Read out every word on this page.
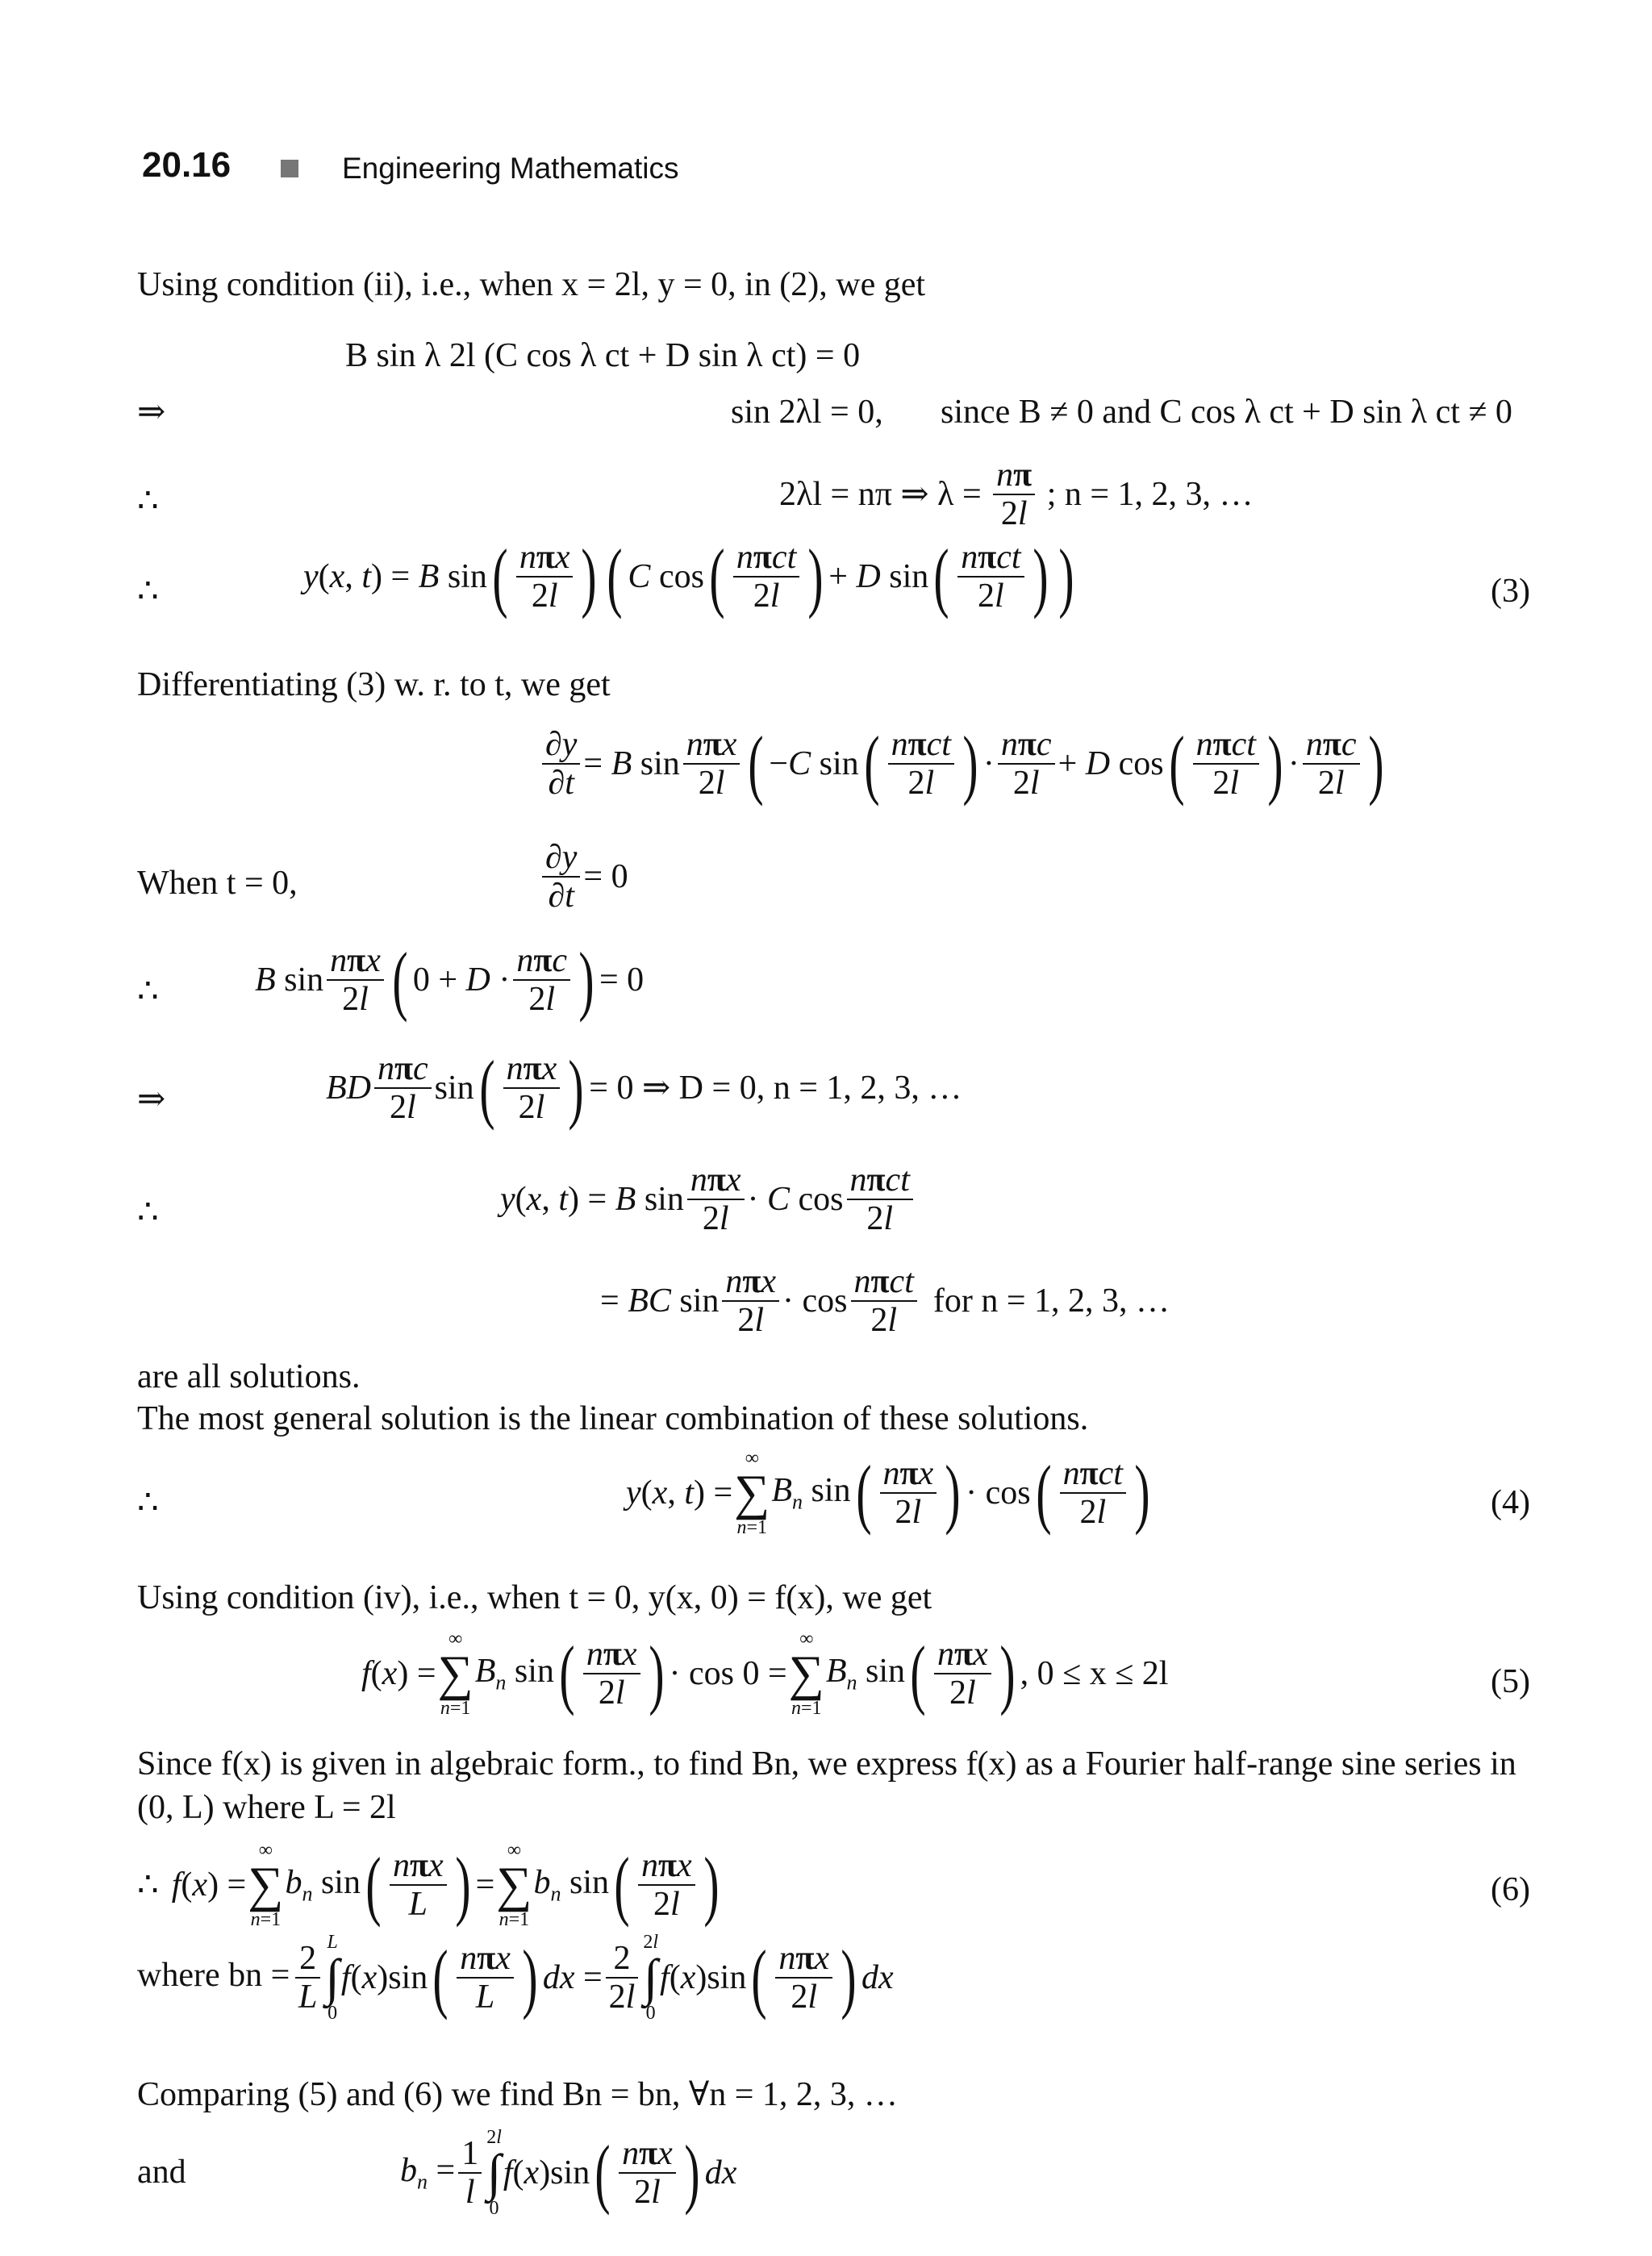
20.16	Engineering Mathematics
Using condition (ii), i.e., when x = 2l, y = 0, in (2), we get
B sin λ 2l (C cos λ ct + D sin λ ct) = 0
⇒	sin 2λl = 0, since B ≠ 0 and C cos λ ct + D sin λ ct ≠ 0
∴	2λl = nπ ⇒ $\lambda = \frac{n\pi}{2l}$ ; n = 1, 2, 3, …
∴	y(x, t) = B $\sin( \frac{\text{nπx}}{2l}$ ) ( C $\cos( \frac{\text{nπct}}{2l}$ ) + D $\sin( \frac{\text{nπct}}{2l}$ ) )	(3)
Differentiating (3) w. r. to t, we get
$\frac{\partial y}{\partial t} = B$ $\sin \frac{\text{nπx}}{2l}$ ( −C $\sin( \frac{\text{nπct}}{2l}$ ) · $\frac{\text{nπc}}{2l} + D$ $\cos( \frac{\text{nπct}}{2l}$ ) · $\frac{\text{nπc}}{2l}$ )
When t = 0,	$\frac{\partial y}{\partial t} = 0$
∴	B $\sin \frac{\text{nπx}}{2l}$ ( $0 + D \cdot \frac{\text{nπc}}{2l}$ ) = 0
⇒	BD $\frac{\text{nπc}}{2l} \sin( \frac{\text{nπx}}{2l}$ ) = 0 ⇒ D = 0, n = 1, 2, 3, …
∴	y(x, t) = B $\sin \frac{\text{nπx}}{2l} \cdot C$ $\cos \frac{\text{nπct}}{2l}$
= BC $\sin \frac{\text{nπx}}{2l} \cdot \cos \frac{\text{nπct}}{2l}$ for n = 1, 2, 3, …
are all solutions.
The most general solution is the linear combination of these solutions.
∴	y(x, t) =
∞
∑
n=1
$B_n$ $\sin( \frac{\text{nπx}}{2l}$ ) · $\cos( \frac{\text{nπct}}{2l}$ )	(4)
Using condition (iv), i.e., when t = 0, y(x, 0) = f(x), we get
f(x) =
∞
∑
n=1
$B_n$ $\sin( \frac{\text{nπx}}{2l}$ ) · cos 0 =
∞
∑
n=1
$B_n$ $\sin( \frac{\text{nπx}}{2l}$ ) , 0 ≤ x ≤ 2l	(5)
Since f(x) is given in algebraic form., to find Bn, we express f(x) as a Fourier half-range sine series in
(0, L) where L = 2l
∴ f(x) =
∞
∑
n=1
$b_n$ $\sin( \frac{\text{nπx}}{L}$ ) =
∞
∑
n=1
$b_n$ $\sin( \frac{\text{nπx}}{2l}$ )	(6)
where bn = $\frac{2}{L}$ L
∫
0
$f(x)\sin( \frac{\text{nπx}}{L}$ ) dx = $\frac{2}{2l} 2l$
∫
0
$f(x)\sin( \frac{\text{nπx}}{2l}$ ) dx
Comparing (5) and (6) we find Bn = bn, ∀n = 1, 2, 3, …
and	$b_n = \frac{1}{l} 2l$
∫
0
$f(x)\sin( \frac{\text{nπx}}{2l}$ ) dx
